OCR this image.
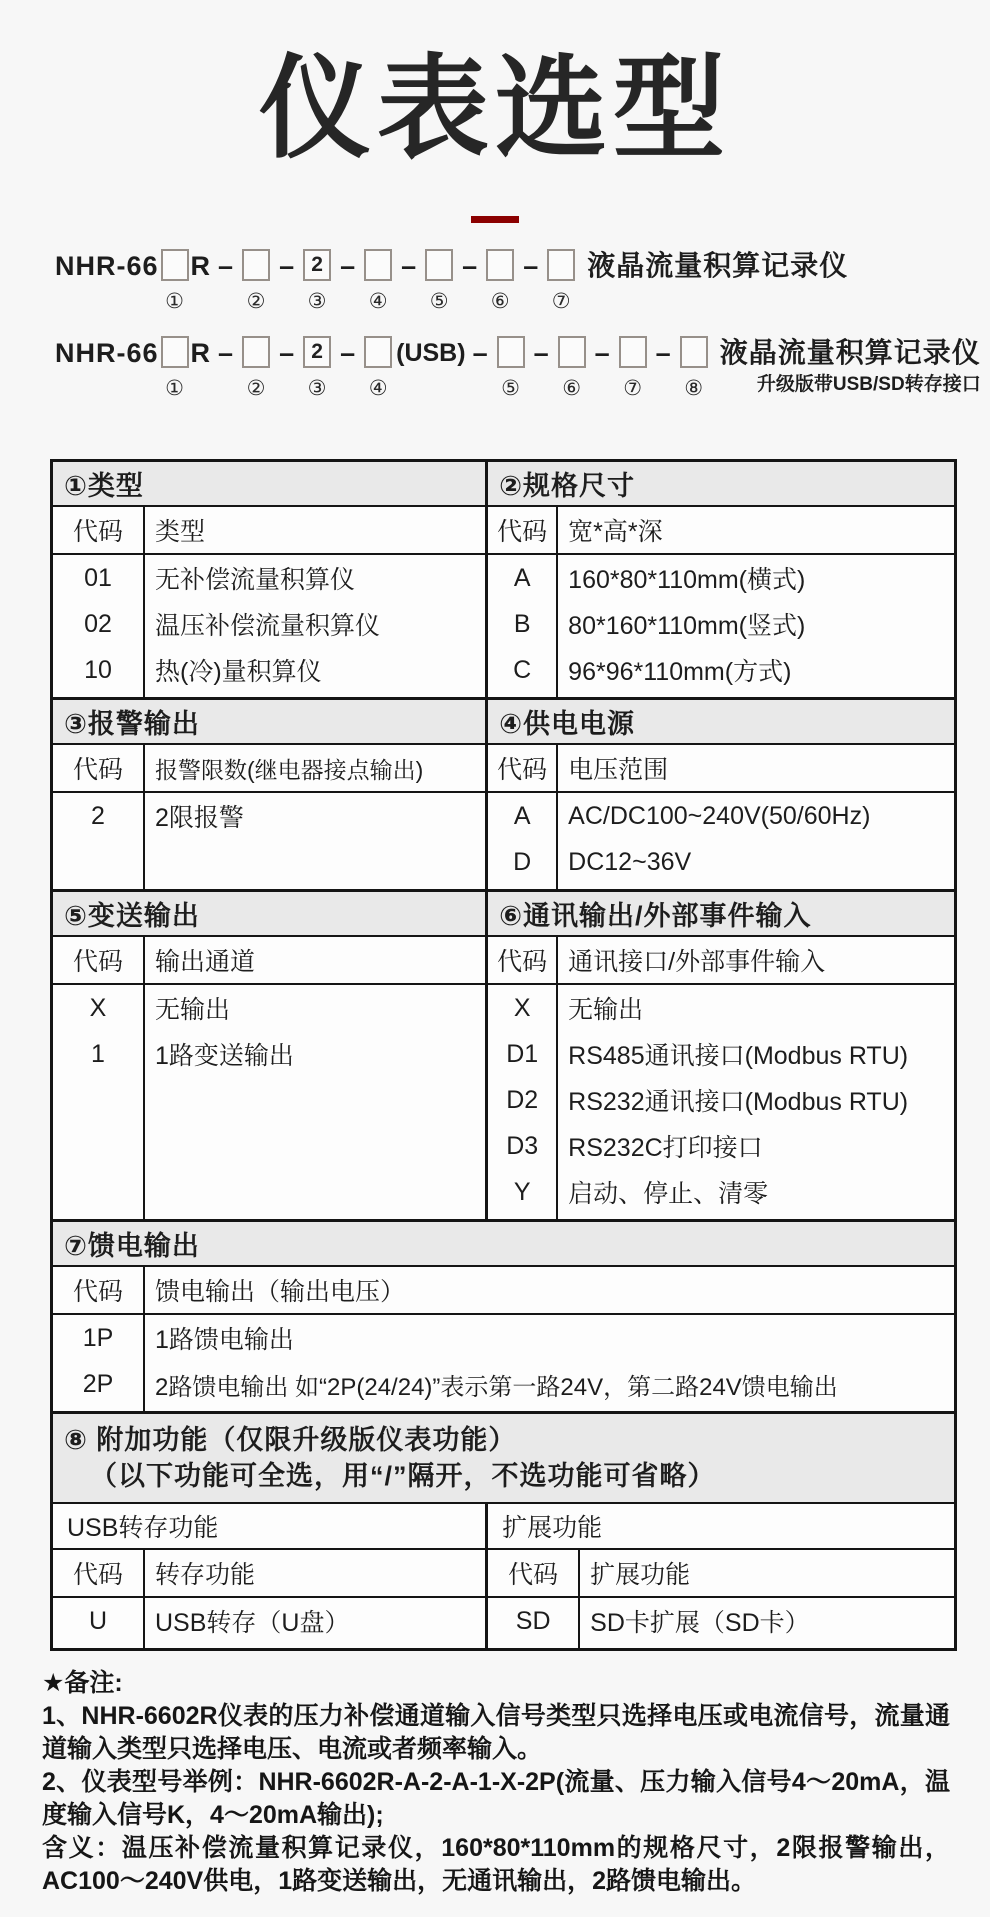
仪表选型
NHR-66
①
R –
②
– 2
③
–
④
–
⑤
–
⑥
–
⑦
液晶流量积算记录仪
NHR-66
①
R –
②
– 2
③
–
④
(USB) –
⑤
–
⑥
–
⑦
–
⑧
液晶流量积算记录仪
升级版带USB/SD转存接口
①类型
代码	类型
01	无补偿流量积算仪
02	温压补偿流量积算仪
10	热(冷)量积算仪
②规格尺寸
代码 宽*高*深
A	160*80*110mm(横式)
B	80*160*110mm(竖式)
C	96*96*110mm(方式)
③报警输出
代码	报警限数(继电器接点输出)
2	2限报警
④供电电源
代码 电压范围
A	AC/DC100~240V(50/60Hz)
D	DC12~36V
⑤变送输出
代码	输出通道
X	无输出
1	1路变送输出
⑥通讯输出/外部事件输入
代码 通讯接口/外部事件输入
X	无输出
D1	RS485通讯接口(Modbus RTU)
D2	RS232通讯接口(Modbus RTU)
D3	RS232C打印接口
Y	启动、停止、清零
⑦馈电输出
代码	馈电输出（输出电压）
1P	1路馈电输出
2P	2路馈电输出 如“2P(24/24)”表示第一路24V，第二路24V馈电输出
⑧ 附加功能（仅限升级版仪表功能）
（以下功能可全选，用“/”隔开，不选功能可省略）
USB转存功能
代码	转存功能
U	USB转存（U盘）
扩展功能
代码	扩展功能
SD	SD卡扩展（SD卡）
★备注:

1、NHR-6602R仪表的压力补偿通道输入信号类型只选择电压或电流信号，流量通道输入类型只选择电压、电流或者频率输入。

2、仪表型号举例：NHR-6602R-A-2-A-1-X-2P(流量、压力输入信号4～20mA，温度输入信号K，4～20mA输出);

含义：温压补偿流量积算记录仪，160*80*110mm的规格尺寸，2限报警输出，AC100～240V供电，1路变送输出，无通讯输出，2路馈电输出。
